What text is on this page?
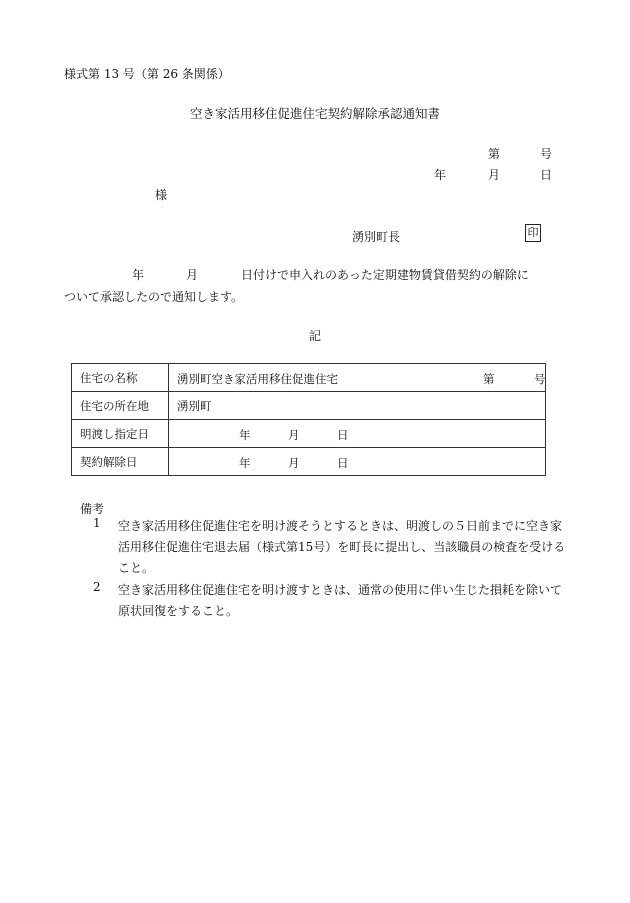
様式第 13 号（第 26 条関係）
空き家活用移住促進住宅契約解除承認通知書
第	号
年	月	日
様
湧別町長	印
年	月	日付けで申入れのあった定期建物賃貸借契約の解除に
ついて承認したので通知します。
記
住宅の名称	湧別町空き家活用移住促進住宅 第 号

住宅の所在地	湧別町
明渡し指定日	年 月 日

契約解除日	年 月 日
備考
1 空き家活用移住促進住宅を明け渡そうとするときは、明渡しの５日前までに空き家活用移住促進住宅退去届（様式第15号）を町長に提出し、当該職員の検査を受けること。
2 空き家活用移住促進住宅を明け渡すときは、通常の使用に伴い生じた損耗を除いて原状回復をすること。
